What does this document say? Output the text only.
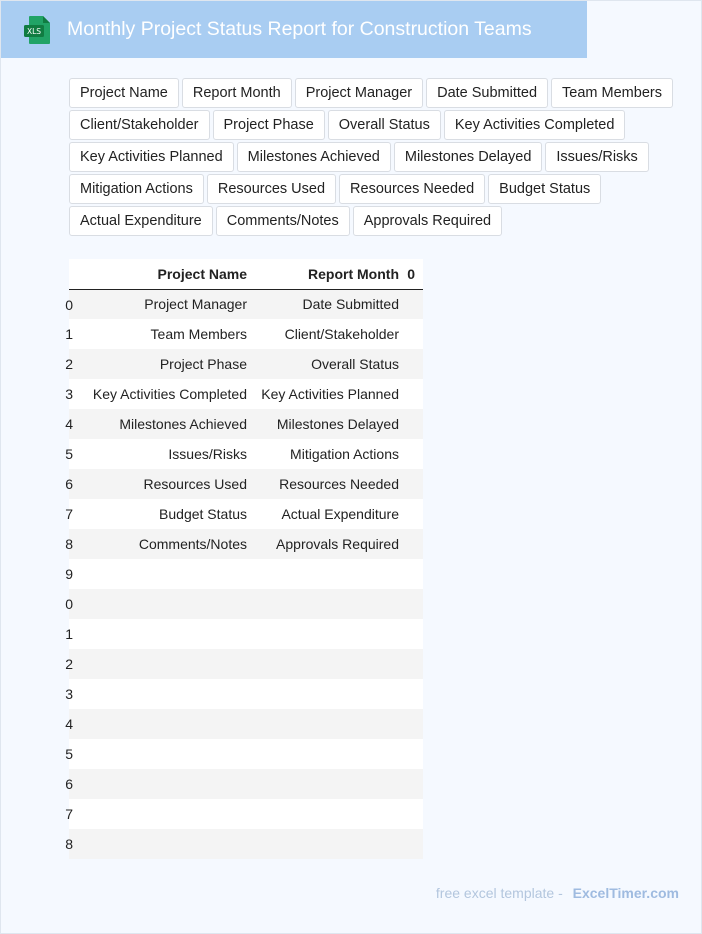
XLS Monthly Project Status Report for Construction Teams
Project Name	Report Month	Project Manager	Date Submitted	Team Members
Client/Stakeholder	Project Phase	Overall Status	Key Activities Completed
Key Activities Planned	Milestones Achieved	Milestones Delayed	Issues/Risks
Mitigation Actions	Resources Used	Resources Needed	Budget Status
Actual Expenditure	Comments/Notes	Approvals Required
	Project Name	Report Month	0

0	Project Manager	Date Submitted	

1	Team Members	Client/Stakeholder	

2	Project Phase	Overall Status	

3	Key Activities Completed	Key Activities Planned	

4	Milestones Achieved	Milestones Delayed	

5	Issues/Risks	Mitigation Actions	

6	Resources Used	Resources Needed	

7	Budget Status	Actual Expenditure	

8	Comments/Notes	Approvals Required	

9			

0			

1			

2			

3			

4			

5			

6			

7			

8			

free excel template - ExcelTimer.com
